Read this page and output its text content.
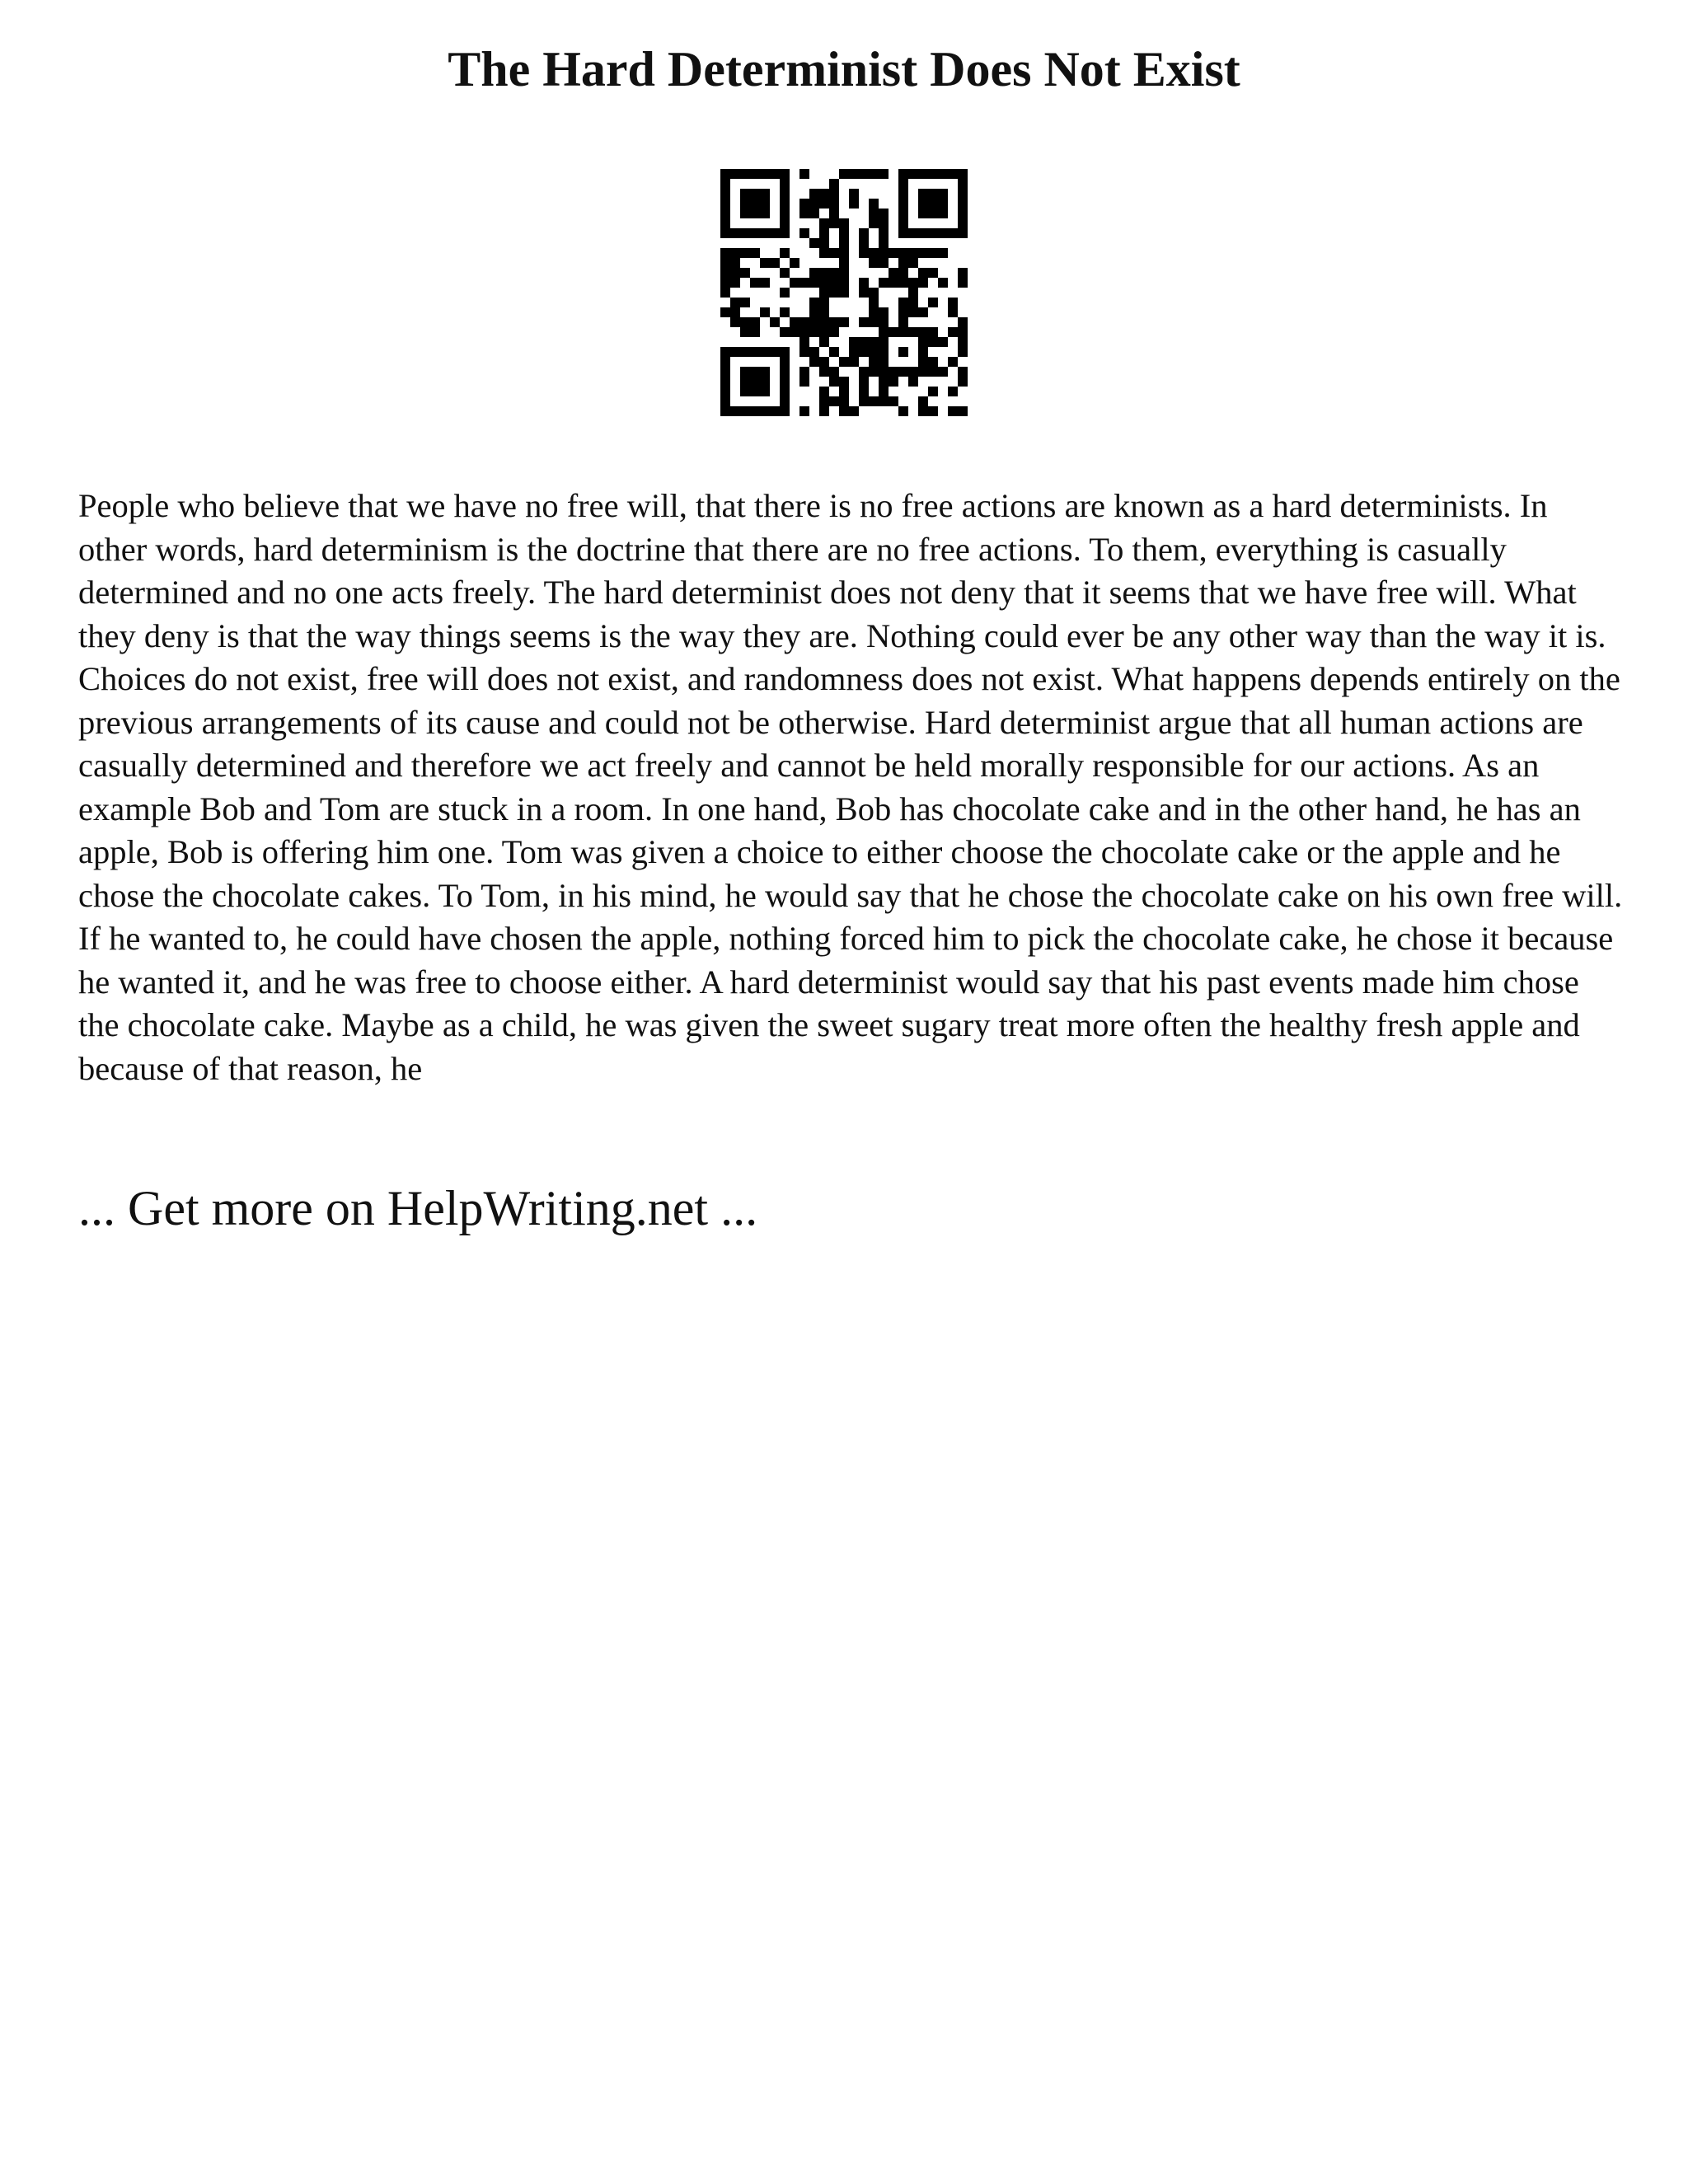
The Hard Determinist Does Not Exist

People who believe that we have no free will, that there is no free actions are known as a hard determinists. In other words, hard determinism is the doctrine that there are no free actions. To them, everything is casually determined and no one acts freely. The hard determinist does not deny that it seems that we have free will. What they deny is that the way things seems is the way they are. Nothing could ever be any other way than the way it is. Choices do not exist, free will does not exist, and randomness does not exist. What happens depends entirely on the previous arrangements of its cause and could not be otherwise. Hard determinist argue that all human actions are casually determined and therefore we act freely and cannot be held morally responsible for our actions. As an example Bob and Tom are stuck in a room. In one hand, Bob has chocolate cake and in the other hand, he has an apple, Bob is offering him one. Tom was given a choice to either choose the chocolate cake or the apple and he chose the chocolate cakes. To Tom, in his mind, he would say that he chose the chocolate cake on his own free will. If he wanted to, he could have chosen the apple, nothing forced him to pick the chocolate cake, he chose it because he wanted it, and he was free to choose either. A hard determinist would say that his past events made him chose the chocolate cake. Maybe as a child, he was given the sweet sugary treat more often the healthy fresh apple and because of that reason, he

... Get more on HelpWriting.net ...
